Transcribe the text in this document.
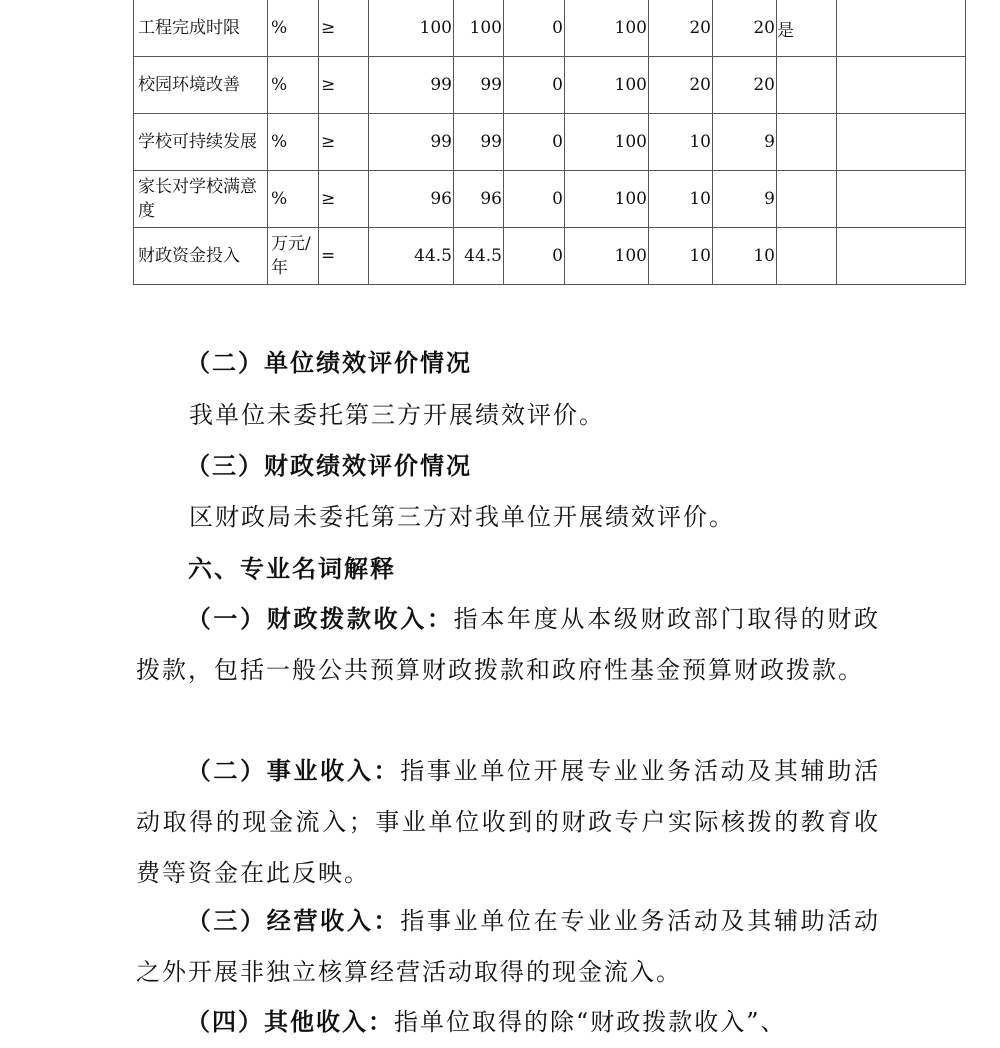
工程完成时限	%	≥	100	100	0	100	20	20	是	
校园环境改善	%	≥	99	99	0	100	20	20		
学校可持续发展	%	≥	99	99	0	100	10	9		
家长对学校满意度	%	≥	96	96	0	100	10	9		
财政资金投入	万元/年	=	44.5	44.5	0	100	10	10		
（二）单位绩效评价情况
我单位未委托第三方开展绩效评价。
（三）财政绩效评价情况
区财政局未委托第三方对我单位开展绩效评价。
六、专业名词解释
（一）财政拨款收入：指本年度从本级财政部门取得的财政拨款，包括一般公共预算财政拨款和政府性基金预算财政拨款。
（二）事业收入：指事业单位开展专业业务活动及其辅助活动取得的现金流入；事业单位收到的财政专户实际核拨的教育收费等资金在此反映。
（三）经营收入：指事业单位在专业业务活动及其辅助活动之外开展非独立核算经营活动取得的现金流入。
（四）其他收入：指单位取得的除“财政拨款收入”、
